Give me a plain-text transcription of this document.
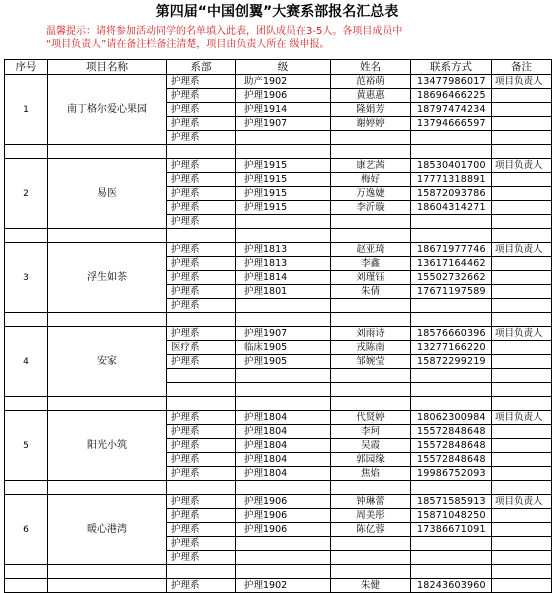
第四届“中国创翼”大赛系部报名汇总表
温馨提示：请将参加活动同学的名单填入此表，团队成员在3-5人。各项目成员中
“项目负责人”请在备注栏备注清楚，项目由负责人所在 级申报。
序号	项目名称	系部	级	姓名	联系方式	备注
1	南丁格尔爱心果园	护理系	助产1902	范裕萌	13477986017	项目负责人
		护理系	护理1906	黄惠惠	18696466225	
		护理系	护理1914	隆娟芳	18797474234	
		护理系	护理1907	谢婷婷	13794666597	
		护理系				

2	易医	护理系	护理1915	康艺茜	18530401700	项目负责人
		护理系	护理1915	梅好	17771318891	
		护理系	护理1915	万逸婕	15872093786	
		护理系	护理1915	李沂璇	18604314271	
		护理系				

3	浮生如茶	护理系	护理1813	赵亚琦	18671977746	项目负责人
		护理系	护理1813	李鑫	13617164462	
		护理系	护理1814	刘瑾钰	15502732662	
		护理系	护理1801	朱倩	17671197589	
		护理系				

4	安家	护理系	护理1907	刘雨诗	18576660396	项目负责人
		医疗系	临床1905	戎陈南	13277166220	
		护理系	护理1905	邹婉莹	15872299219	

5	阳光小筑	护理系	护理1804	代贤婷	18062300984	项目负责人
		护理系	护理1804	李珂	15572848648	
		护理系	护理1804	吴霞	15572848648	
		护理系	护理1804	郭园缘	15572848648	
		护理系	护理1804	焦焰	19986752093	

6	暖心港湾	护理系	护理1906	钟琳蕾	18571585913	项目负责人
		护理系	护理1906	周美彤	15871048250	
		护理系	护理1906	陈亿蓉	17386671091	
		护理系				
		护理系				

		护理系	护理1902	朱健	18243603960	
